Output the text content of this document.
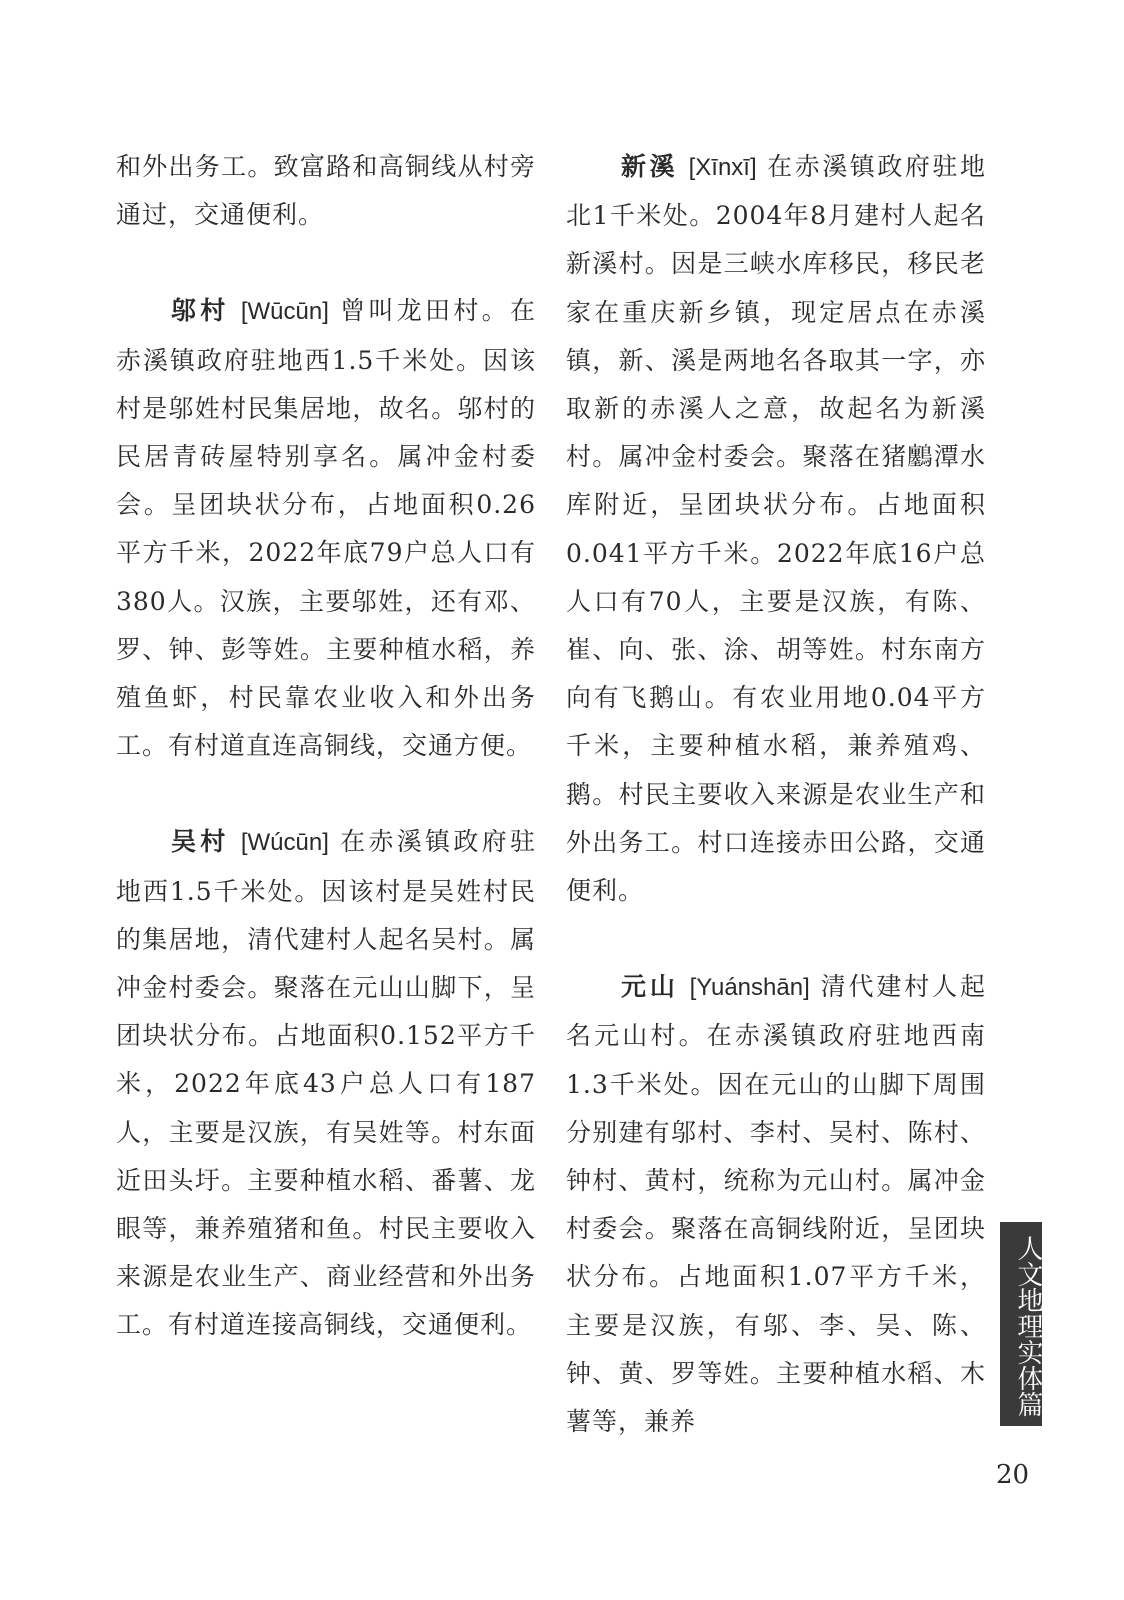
和外出务工。致富路和高铜线从村旁通过，交通便利。

邬村 [Wūcūn] 曾叫龙田村。在赤溪镇政府驻地西1.5千米处。因该村是邬姓村民集居地，故名。邬村的民居青砖屋特别享名。属冲金村委会。呈团块状分布，占地面积0.26平方千米，2022年底79户总人口有380人。汉族，主要邬姓，还有邓、罗、钟、彭等姓。主要种植水稻，养殖鱼虾，村民靠农业收入和外出务工。有村道直连高铜线，交通方便。

吴村 [Wúcūn] 在赤溪镇政府驻地西1.5千米处。因该村是吴姓村民的集居地，清代建村人起名吴村。属冲金村委会。聚落在元山山脚下，呈团块状分布。占地面积0.152平方千米，2022年底43户总人口有187人，主要是汉族，有吴姓等。村东面近田头圩。主要种植水稻、番薯、龙眼等，兼养殖猪和鱼。村民主要收入来源是农业生产、商业经营和外出务工。有村道连接高铜线，交通便利。

新溪 [Xīnxī] 在赤溪镇政府驻地北1千米处。2004年8月建村人起名新溪村。因是三峡水库移民，移民老家在重庆新乡镇，现定居点在赤溪镇，新、溪是两地名各取其一字，亦取新的赤溪人之意，故起名为新溪村。属冲金村委会。聚落在猪𪇮潭水库附近，呈团块状分布。占地面积0.041平方千米。2022年底16户总人口有70人，主要是汉族，有陈、崔、向、张、涂、胡等姓。村东南方向有飞鹅山。有农业用地0.04平方千米，主要种植水稻，兼养殖鸡、鹅。村民主要收入来源是农业生产和外出务工。村口连接赤田公路，交通便利。

元山 [Yuánshān] 清代建村人起名元山村。在赤溪镇政府驻地西南1.3千米处。因在元山的山脚下周围分别建有邬村、李村、吴村、陈村、钟村、黄村，统称为元山村。属冲金村委会。聚落在高铜线附近，呈团块状分布。占地面积1.07平方千米，主要是汉族，有邬、李、吴、陈、钟、黄、罗等姓。主要种植水稻、木薯等，兼养

人文地理实体篇
20
